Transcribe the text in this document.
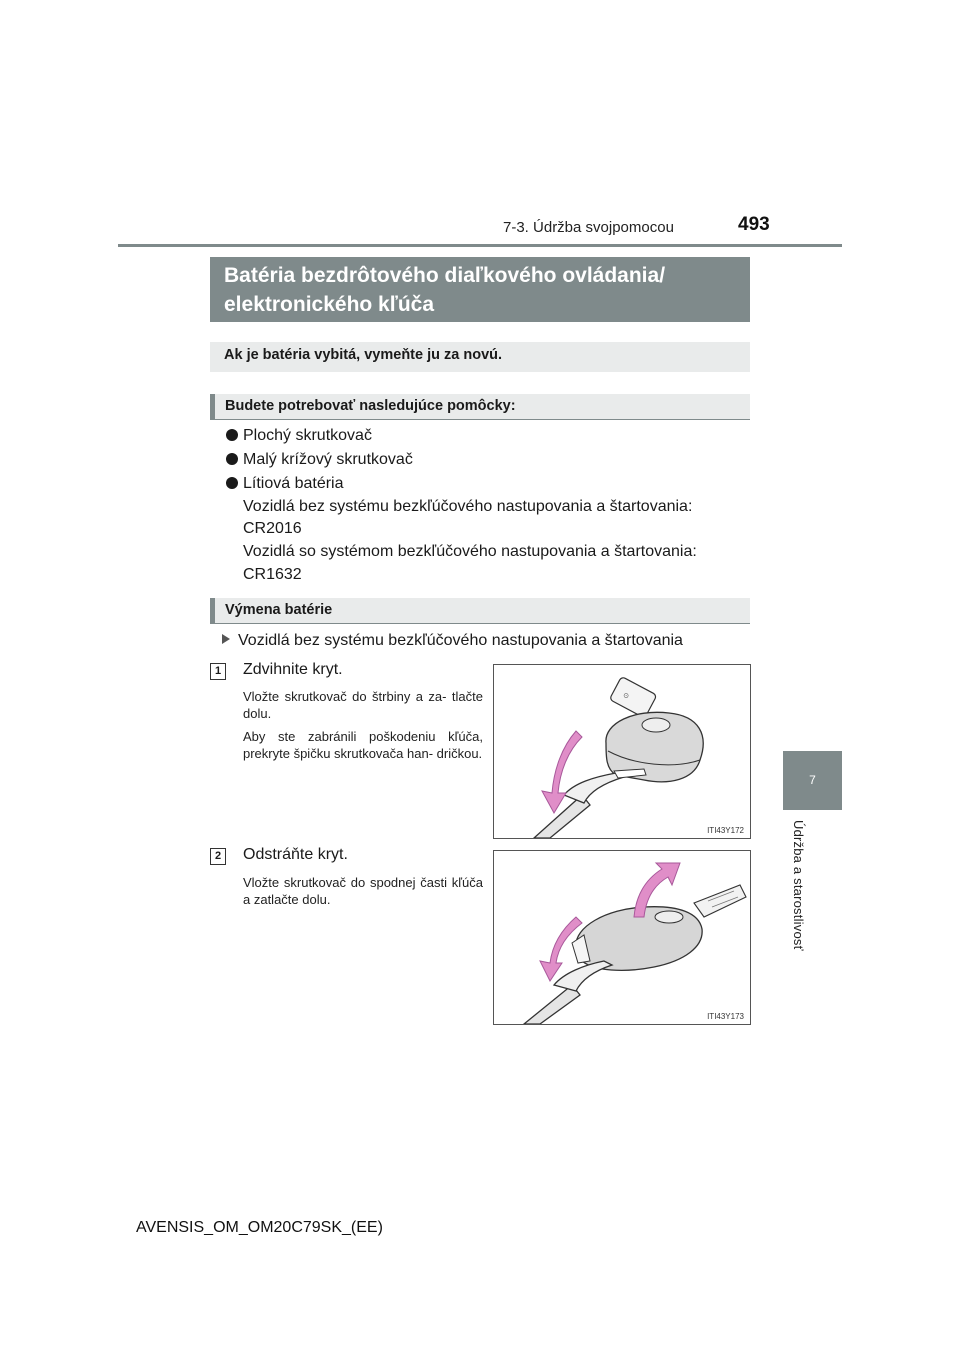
7-3. Údržba svojpomocou	493
7
Údržba a starostlivosť
Batéria bezdrôtového diaľkového ovládania/
elektronického kľúča
Ak je batéria vybitá, vymeňte ju za novú.
Budete potrebovať nasledujúce pomôcky:
Plochý skrutkovač
Malý krížový skrutkovač
Lítiová batéria
Vozidlá bez systému bezkľúčového nastupovania a štartovania:
CR2016
Vozidlá so systémom bezkľúčového nastupovania a štartovania:
CR1632
Výmena batérie
Vozidlá bez systému bezkľúčového nastupovania a štartovania
1	Zdvihnite kryt.
Vložte skrutkovač do štrbiny a za- tlačte dolu.
Aby ste zabránili poškodeniu kľúča, prekryte špičku skrutkovača han- dričkou.
⊙
ITI43Y172
2	Odstráňte kryt.
Vložte skrutkovač do spodnej časti kľúča a zatlačte dolu.
ITI43Y173
AVENSIS_OM_OM20C79SK_(EE)
